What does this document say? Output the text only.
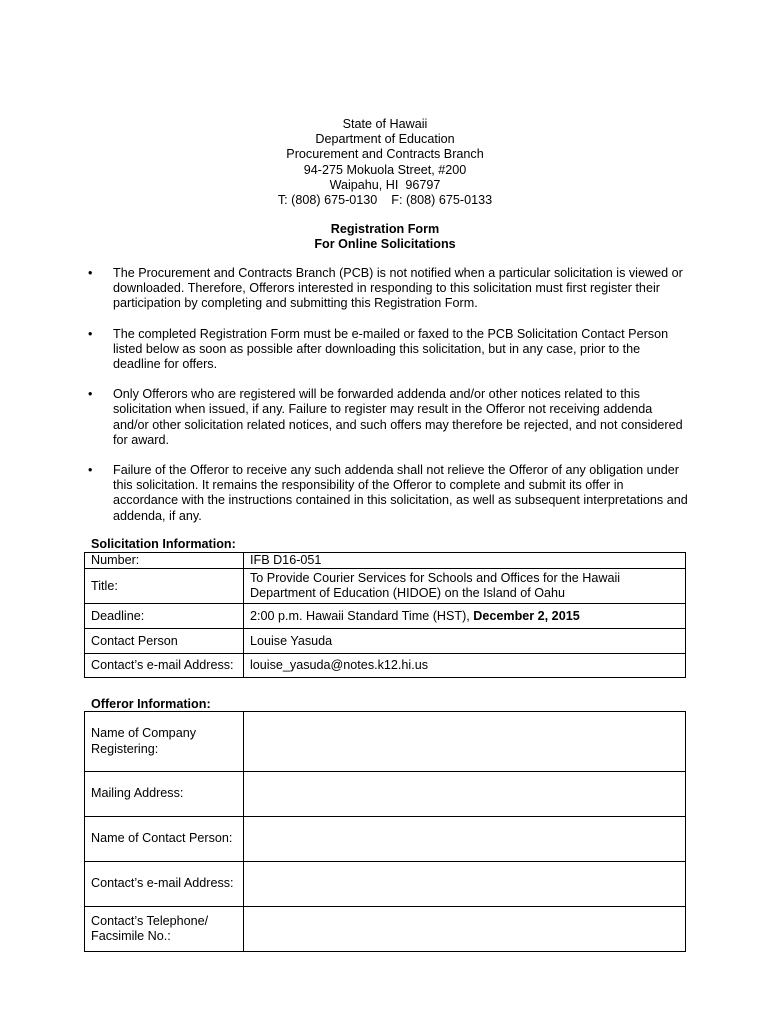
State of Hawaii
Department of Education
Procurement and Contracts Branch
94-275 Mokuola Street, #200
Waipahu, HI  96797
T: (808) 675-0130    F: (808) 675-0133
Registration Form
For Online Solicitations
• The Procurement and Contracts Branch (PCB) is not notified when a particular solicitation is viewed or downloaded. Therefore, Offerors interested in responding to this solicitation must first register their participation by completing and submitting this Registration Form.
• The completed Registration Form must be e-mailed or faxed to the PCB Solicitation Contact Person listed below as soon as possible after downloading this solicitation, but in any case, prior to the deadline for offers.
• Only Offerors who are registered will be forwarded addenda and/or other notices related to this solicitation when issued, if any. Failure to register may result in the Offeror not receiving addenda and/or other solicitation related notices, and such offers may therefore be rejected, and not considered for award.
• Failure of the Offeror to receive any such addenda shall not relieve the Offeror of any obligation under this solicitation. It remains the responsibility of the Offeror to complete and submit its offer in accordance with the instructions contained in this solicitation, as well as subsequent interpretations and addenda, if any.
Solicitation Information:
Number:	IFB D16-051
Title:	To Provide Courier Services for Schools and Offices for the Hawaii
Department of Education (HIDOE) on the Island of Oahu

Deadline:	2:00 p.m. Hawaii Standard Time (HST), December 2, 2015
Contact Person	Louise Yasuda
Contact’s e-mail Address:	louise_yasuda@notes.k12.hi.us
Offeror Information:
Name of Company
Registering:	

Mailing Address:	
Name of Contact Person:	
Contact’s e-mail Address:	

Contact’s Telephone/
Facsimile No.:	
